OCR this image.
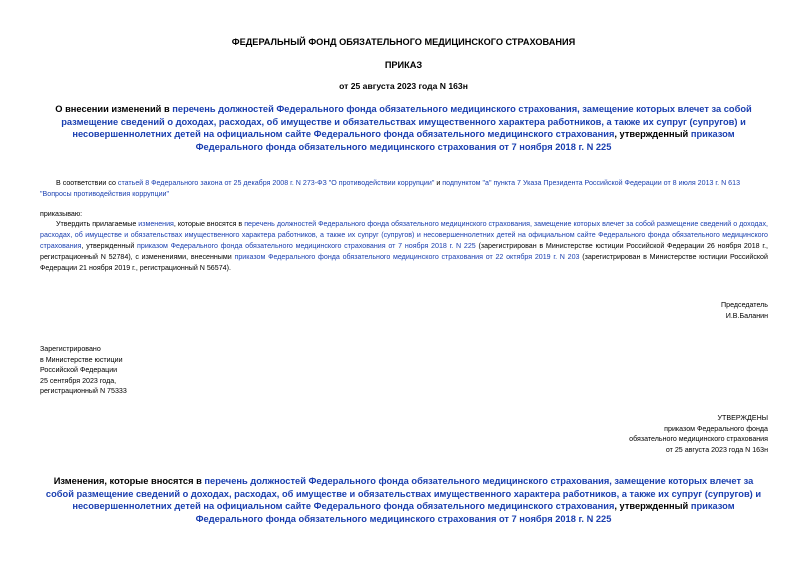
ФЕДЕРАЛЬНЫЙ ФОНД ОБЯЗАТЕЛЬНОГО МЕДИЦИНСКОГО СТРАХОВАНИЯ
ПРИКАЗ
от 25 августа 2023 года N 163н
О внесении изменений в перечень должностей Федерального фонда обязательного медицинского страхования, замещение которых влечет за собой размещение сведений о доходах, расходах, об имуществе и обязательствах имущественного характера работников, а также их супруг (супругов) и несовершеннолетних детей на официальном сайте Федерального фонда обязательного медицинского страхования, утвержденный приказом Федерального фонда обязательного медицинского страхования от 7 ноября 2018 г. N 225
В соответствии со статьей 8 Федерального закона от 25 декабря 2008 г. N 273-ФЗ "О противодействии коррупции" и подпунктом "а" пункта 7 Указа Президента Российской Федерации от 8 июля 2013 г. N 613 "Вопросы противодействия коррупции"
приказываю:
Утвердить прилагаемые изменения, которые вносятся в перечень должностей Федерального фонда обязательного медицинского страхования, замещение которых влечет за собой размещение сведений о доходах, расходах, об имуществе и обязательствах имущественного характера работников, а также их супруг (супругов) и несовершеннолетних детей на официальном сайте Федерального фонда обязательного медицинского страхования, утвержденный приказом Федерального фонда обязательного медицинского страхования от 7 ноября 2018 г. N 225 (зарегистрирован в Министерстве юстиции Российской Федерации 26 ноября 2018 г., регистрационный N 52784), с изменениями, внесенными приказом Федерального фонда обязательного медицинского страхования от 22 октября 2019 г. N 203 (зарегистрирован в Министерстве юстиции Российской Федерации 21 ноября 2019 г., регистрационный N 56574).
Председатель
И.В.Баланин
Зарегистрировано
в Министерстве юстиции
Российской Федерации
25 сентября 2023 года,
регистрационный N 75333
УТВЕРЖДЕНЫ
приказом Федерального фонда
обязательного медицинского страхования
от 25 августа 2023 года N 163н
Изменения, которые вносятся в перечень должностей Федерального фонда обязательного медицинского страхования, замещение которых влечет за собой размещение сведений о доходах, расходах, об имуществе и обязательствах имущественного характера работников, а также их супруг (супругов) и несовершеннолетних детей на официальном сайте Федерального фонда обязательного медицинского страхования, утвержденный приказом Федерального фонда обязательного медицинского страхования от 7 ноября 2018 г. N 225
